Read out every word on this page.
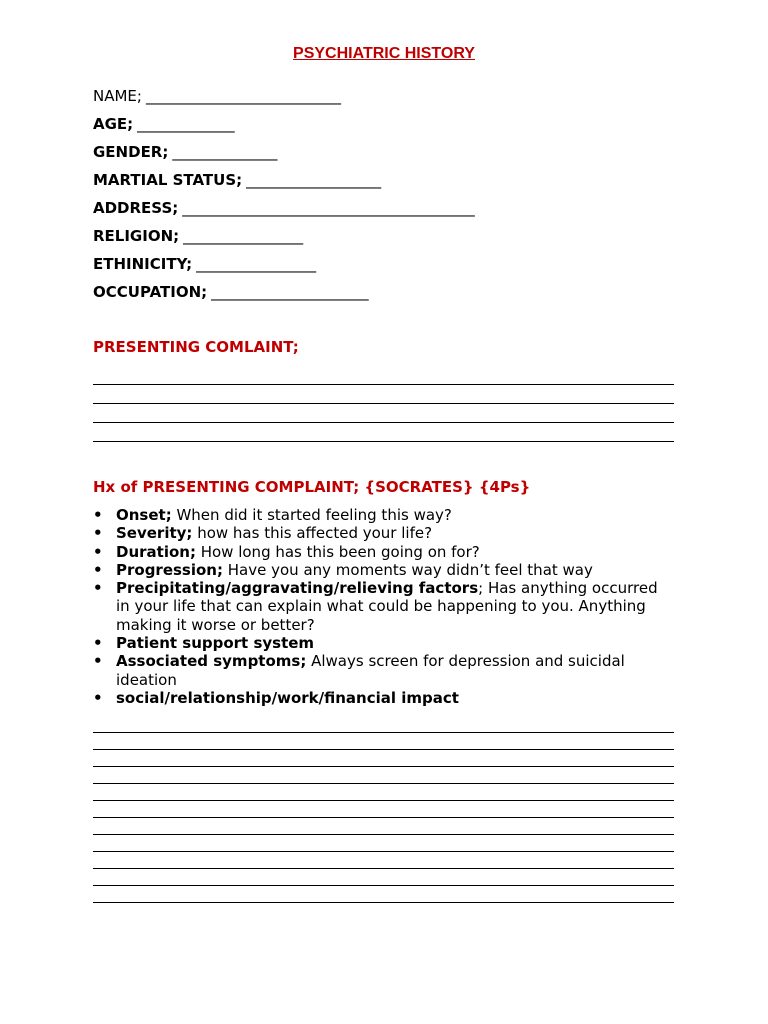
PSYCHIATRIC HISTORY
NAME; __________________________
AGE; _____________
GENDER; ______________
MARTIAL STATUS; __________________
ADDRESS; _______________________________________
RELIGION; ________________
ETHINICITY; ________________
OCCUPATION; _____________________
PRESENTING COMLAINT;
Hx of PRESENTING COMPLAINT; {SOCRATES} {4Ps}
• Onset; When did it started feeling this way?
• Severity; how has this affected your life?
• Duration; How long has this been going on for?
• Progression; Have you any moments way didn’t feel that way
• Precipitating/aggravating/relieving factors; Has anything occurred in your life that can explain what could be happening to you. Anything making it worse or better?
• Patient support system
• Associated symptoms; Always screen for depression and suicidal ideation
• social/relationship/work/financial impact
